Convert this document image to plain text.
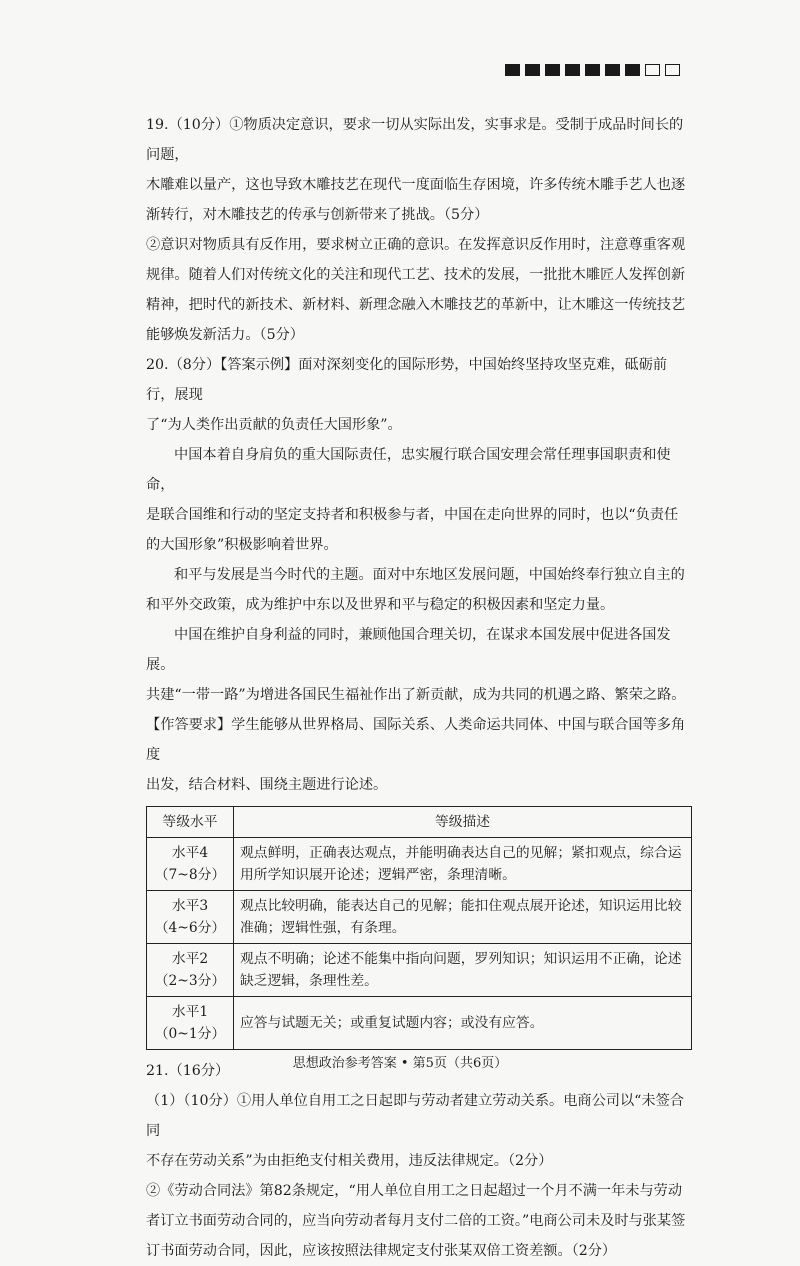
19.（10分）①物质决定意识，要求一切从实际出发，实事求是。受制于成品时间长的问题，

木雕难以量产，这也导致木雕技艺在现代一度面临生存困境，许多传统木雕手艺人也逐

渐转行，对木雕技艺的传承与创新带来了挑战。（5分）

②意识对物质具有反作用，要求树立正确的意识。在发挥意识反作用时，注意尊重客观

规律。随着人们对传统文化的关注和现代工艺、技术的发展，一批批木雕匠人发挥创新

精神，把时代的新技术、新材料、新理念融入木雕技艺的革新中，让木雕这一传统技艺

能够焕发新活力。（5分）

20.（8分）【答案示例】面对深刻变化的国际形势，中国始终坚持攻坚克难，砥砺前行，展现

了“为人类作出贡献的负责任大国形象”。

中国本着自身肩负的重大国际责任，忠实履行联合国安理会常任理事国职责和使命，

是联合国维和行动的坚定支持者和积极参与者，中国在走向世界的同时，也以“负责任

的大国形象”积极影响着世界。

和平与发展是当今时代的主题。面对中东地区发展问题，中国始终奉行独立自主的

和平外交政策，成为维护中东以及世界和平与稳定的积极因素和坚定力量。

中国在维护自身利益的同时，兼顾他国合理关切，在谋求本国发展中促进各国发展。

共建“一带一路”为增进各国民生福祉作出了新贡献，成为共同的机遇之路、繁荣之路。

【作答要求】学生能够从世界格局、国际关系、人类命运共同体、中国与联合国等多角度

出发，结合材料、围绕主题进行论述。

等级水平	等级描述

水平4
（7~8分）	观点鲜明，正确表达观点，并能明确表达自己的见解；紧扣观点，综合运用所学知识展开论述；逻辑严密，条理清晰。

水平3
（4~6分）	观点比较明确，能表达自己的见解；能扣住观点展开论述，知识运用比较准确；逻辑性强，有条理。

水平2
（2~3分）	观点不明确；论述不能集中指向问题，罗列知识；知识运用不正确，论述缺乏逻辑，条理性差。

水平1
（0~1分）	应答与试题无关；或重复试题内容；或没有应答。

21.（16分）

（1）（10分）①用人单位自用工之日起即与劳动者建立劳动关系。电商公司以“未签合同

不存在劳动关系”为由拒绝支付相关费用，违反法律规定。（2分）

②《劳动合同法》第82条规定，“用人单位自用工之日起超过一个月不满一年未与劳动

者订立书面劳动合同的，应当向劳动者每月支付二倍的工资。”电商公司未及时与张某签

订书面劳动合同，因此，应该按照法律规定支付张某双倍工资差额。（2分）

思想政治参考答案 • 第5页（共6页）
